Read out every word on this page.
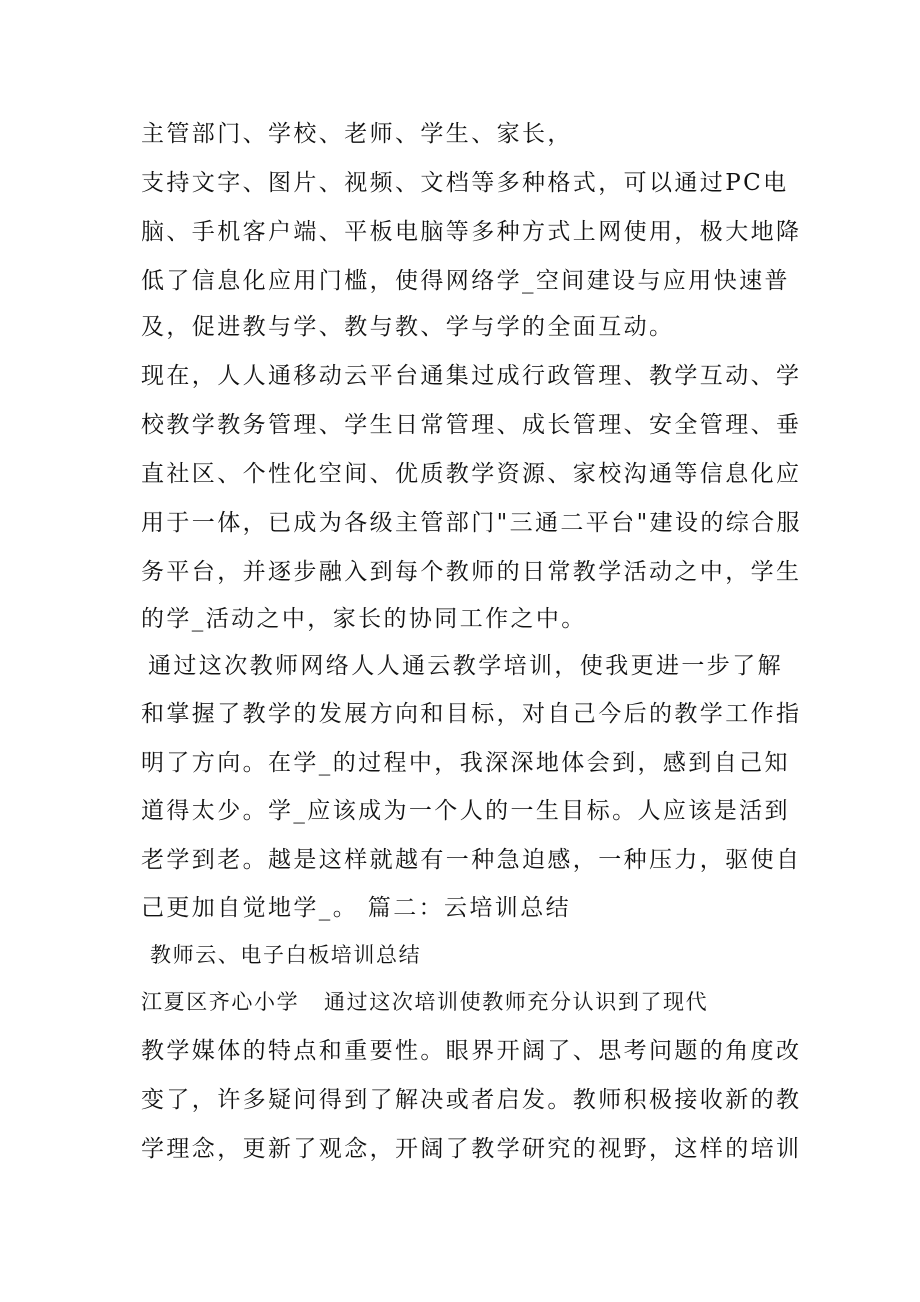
主管部门、学校、老师、学生、家长，
支持文字、图片、视频、文档等多种格式，可以通过PC电
脑、手机客户端、平板电脑等多种方式上网使用，极大地降
低了信息化应用门槛，使得网络学_空间建设与应用快速普
及，促进教与学、教与教、学与学的全面互动。
现在，人人通移动云平台通集过成行政管理、教学互动、学
校教学教务管理、学生日常管理、成长管理、安全管理、垂
直社区、个性化空间、优质教学资源、家校沟通等信息化应
用于一体，已成为各级主管部门"三通二平台"建设的综合服
务平台，并逐步融入到每个教师的日常教学活动之中，学生
的学_活动之中，家长的协同工作之中。
通过这次教师网络人人通云教学培训，使我更进一步了解
和掌握了教学的发展方向和目标，对自己今后的教学工作指
明了方向。在学_的过程中，我深深地体会到，感到自己知
道得太少。学_应该成为一个人的一生目标。人应该是活到
老学到老。越是这样就越有一种急迫感，一种压力，驱使自
己更加自觉地学_。 篇二：云培训总结
教师云、电子白板培训总结
江夏区齐心小学   通过这次培训使教师充分认识到了现代
教学媒体的特点和重要性。眼界开阔了、思考问题的角度改
变了，许多疑问得到了解决或者启发。教师积极接收新的教
学理念，更新了观念，开阔了教学研究的视野，这样的培训
